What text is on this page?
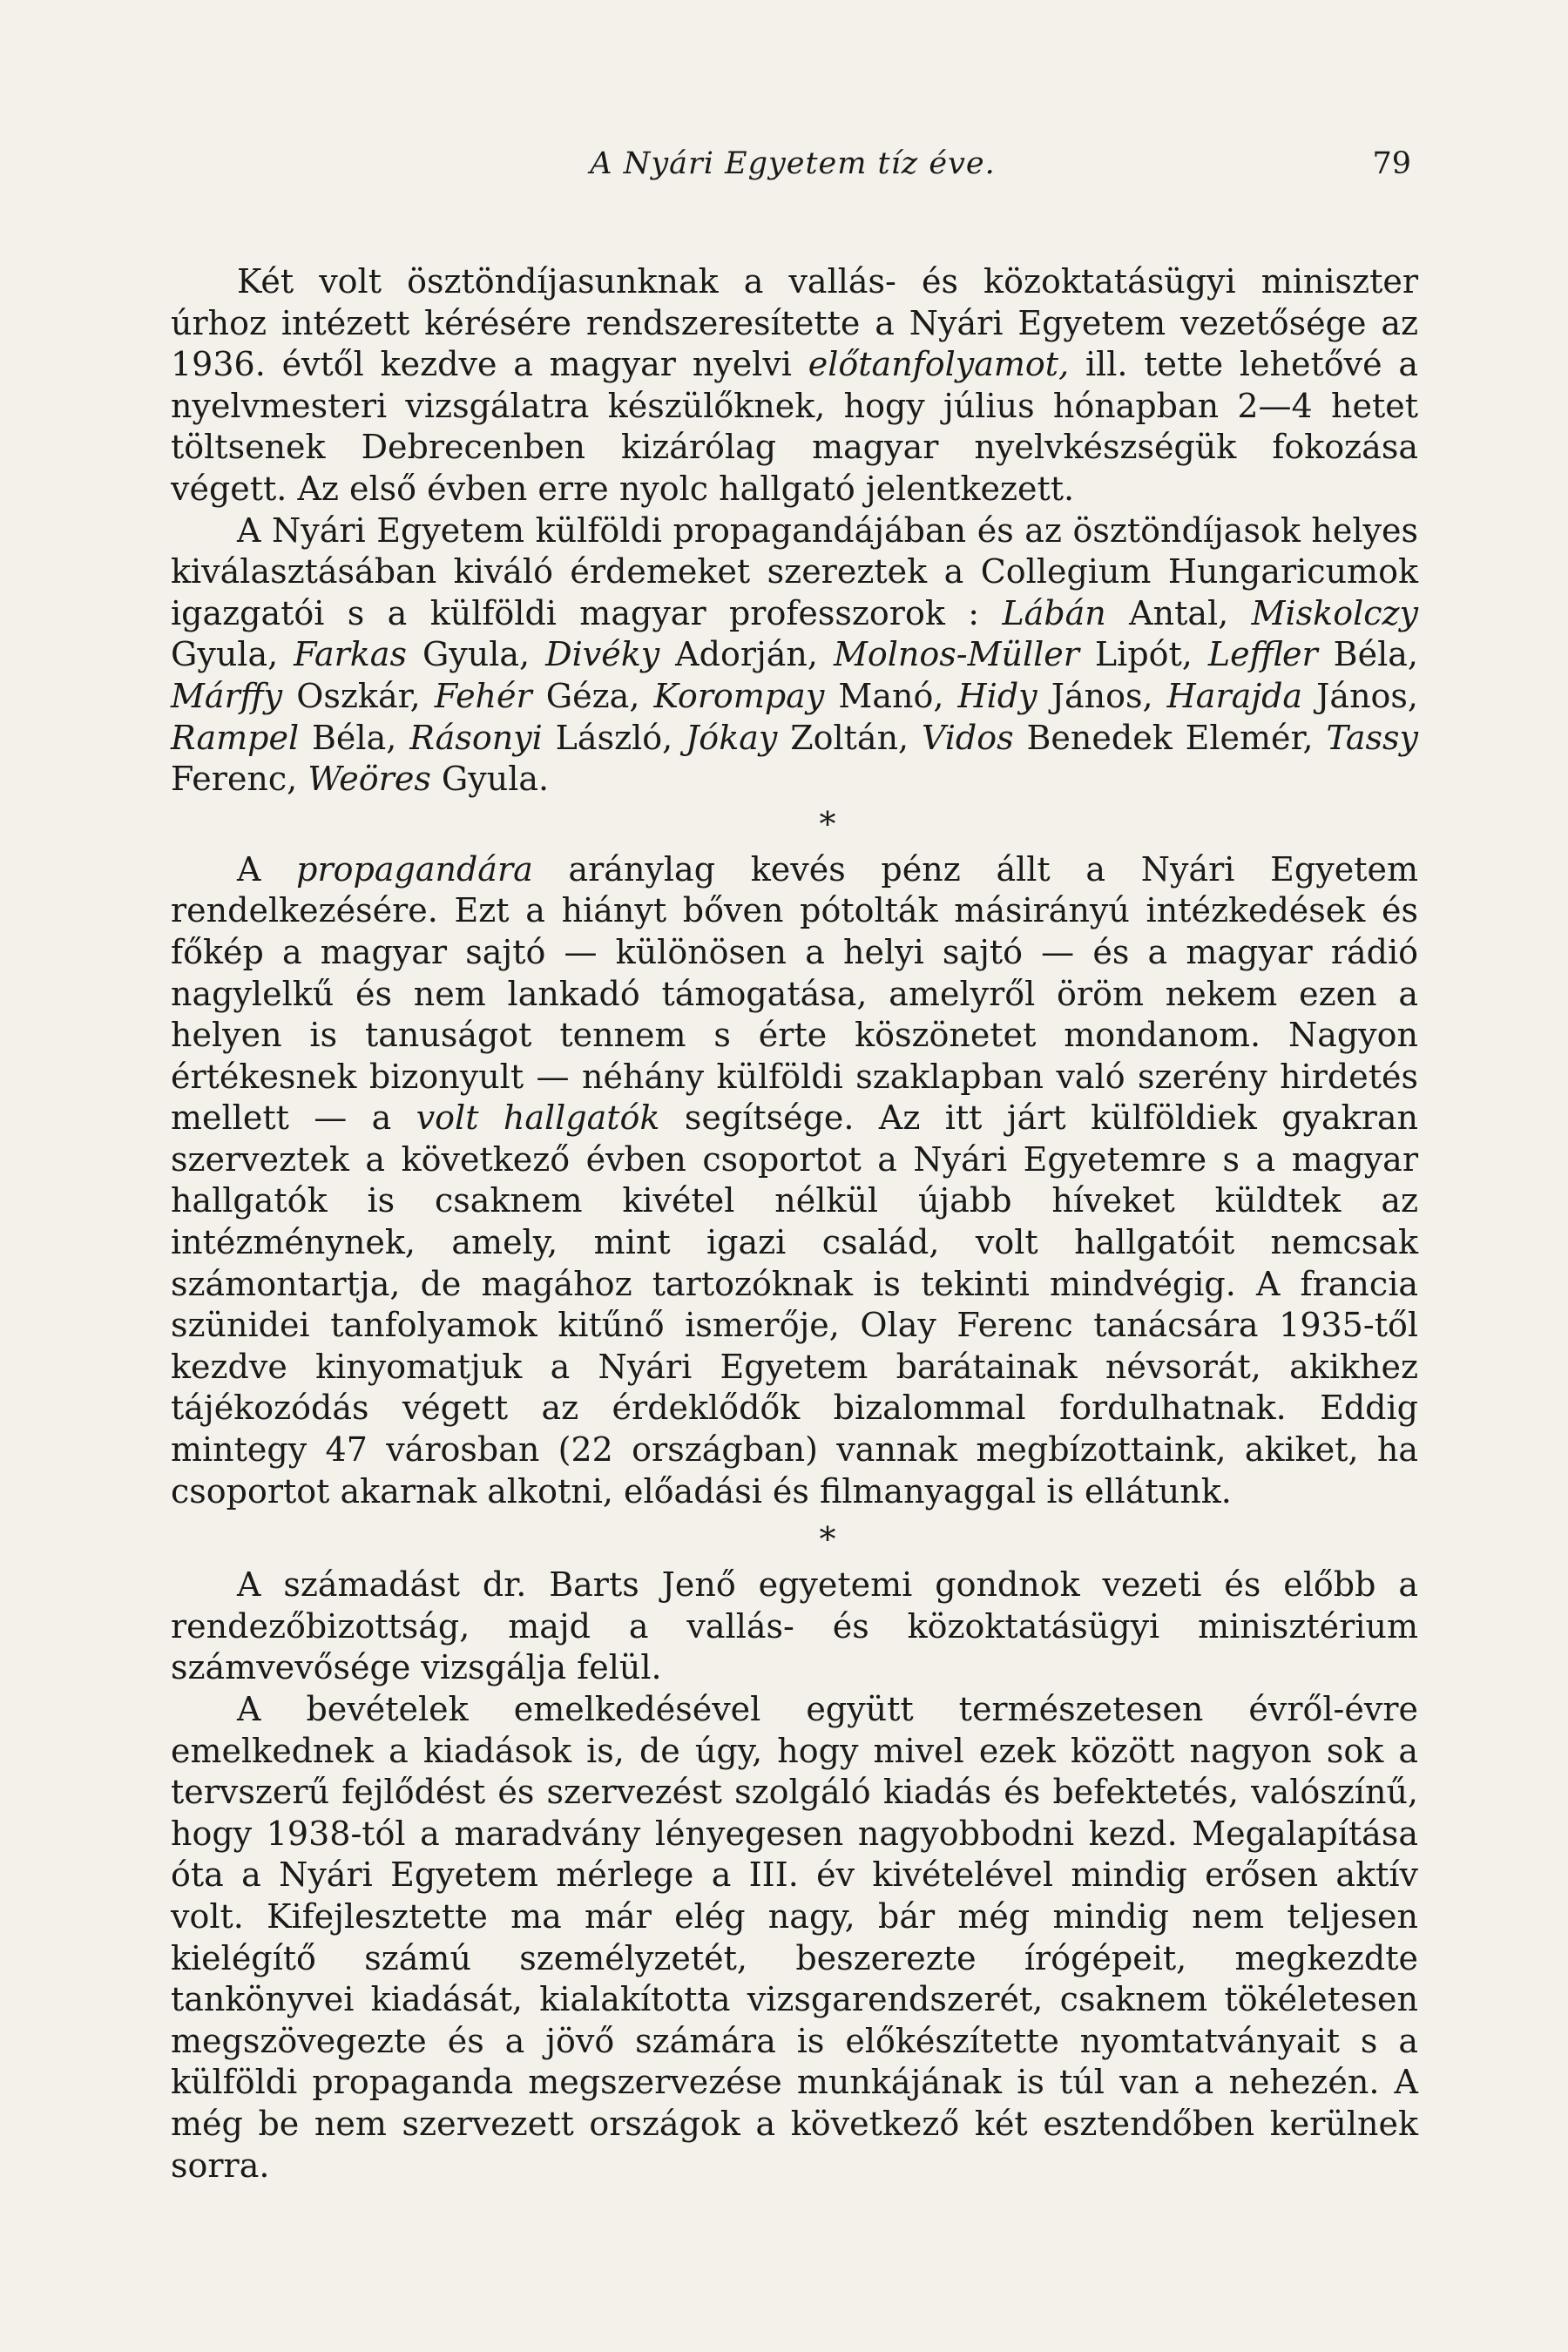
A Nyári Egyetem tíz éve.	79

Két volt ösztöndíjasunknak a vallás- és közoktatásügyi miniszter úrhoz intézett kérésére rendszeresítette a Nyári Egyetem vezetősége az 1936. évtől kezdve a magyar nyelvi előtanfolyamot, ill. tette lehetővé a nyelvmesteri vizsgálatra készülőknek, hogy július hónapban 2—4 hetet töltsenek Debrecenben kizárólag magyar nyelvkészségük fokozása végett. Az első évben erre nyolc hallgató jelentkezett.

A Nyári Egyetem külföldi propagandájában és az ösztöndíjasok helyes kiválasztásában kiváló érdemeket szereztek a Collegium Hungaricumok igazgatói s a külföldi magyar professzorok : Lábán Antal, Miskolczy Gyula, Farkas Gyula, Divéky Adorján, Molnos-Müller Lipót, Leffler Béla, Márffy Oszkár, Fehér Géza, Korompay Manó, Hidy János, Harajda János, Rampel Béla, Rásonyi László, Jókay Zoltán, Vidos Benedek Elemér, Tassy Ferenc, Weöres Gyula.

*

A propagandára aránylag kevés pénz állt a Nyári Egyetem rendelkezésére. Ezt a hiányt bőven pótolták másirányú intézkedések és főkép a magyar sajtó — különösen a helyi sajtó — és a magyar rádió nagylelkű és nem lankadó támogatása, amelyről öröm nekem ezen a helyen is tanuságot tennem s érte köszönetet mondanom. Nagyon értékesnek bizonyult — néhány külföldi szaklapban való szerény hirdetés mellett — a volt hallgatók segítsége. Az itt járt külföldiek gyakran szerveztek a következő évben csoportot a Nyári Egyetemre s a magyar hallgatók is csaknem kivétel nélkül újabb híveket küldtek az intézménynek, amely, mint igazi család, volt hallgatóit nemcsak számontartja, de magához tartozóknak is tekinti mindvégig. A francia szünidei tanfolyamok kitűnő ismerője, Olay Ferenc tanácsára 1935-től kezdve kinyomatjuk a Nyári Egyetem barátainak névsorát, akikhez tájékozódás végett az érdeklődők bizalommal fordulhatnak. Eddig mintegy 47 városban (22 országban) vannak megbízottaink, akiket, ha csoportot akarnak alkotni, előadási és filmanyaggal is ellátunk.

*

A számadást dr. Barts Jenő egyetemi gondnok vezeti és előbb a rendezőbizottság, majd a vallás- és közoktatásügyi minisztérium számvevősége vizsgálja felül.

A bevételek emelkedésével együtt természetesen évről-évre emelkednek a kiadások is, de úgy, hogy mivel ezek között nagyon sok a tervszerű fejlődést és szervezést szolgáló kiadás és befektetés, valószínű, hogy 1938-tól a maradvány lényegesen nagyobbodni kezd. Megalapítása óta a Nyári Egyetem mérlege a III. év kivételével mindig erősen aktív volt. Kifejlesztette ma már elég nagy, bár még mindig nem teljesen kielégítő számú személyzetét, beszerezte írógépeit, megkezdte tankönyvei kiadását, kialakította vizsgarendszerét, csaknem tökéletesen megszövegezte és a jövő számára is előkészítette nyomtatványait s a külföldi propaganda megszervezése munkájának is túl van a nehezén. A még be nem szervezett országok a következő két esztendőben kerülnek sorra.
